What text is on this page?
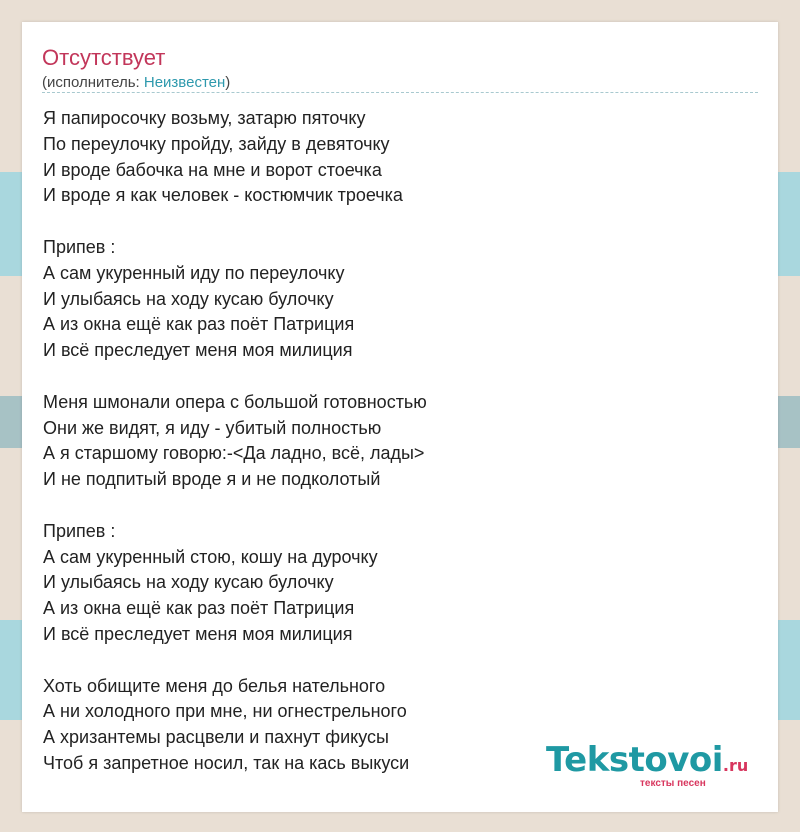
Отсутствует
(исполнитель: Неизвестен)
Я папиросочку возьму, затарю пяточку
По переулочку пройду, зайду в девяточку
И вроде бабочка на мне и ворот стоечка
И вроде я как человек - костюмчик троечка
Припев :
А сам укуренный иду по переулочку
И улыбаясь на ходу кусаю булочку
А из окна ещё как раз поёт Патриция
И всё преследует меня моя милиция
Меня шмонали опера с большой готовностью
Они же видят, я иду - убитый полностью
А я старшому говорю:-<Да ладно, всё, лады>
И не подпитый вроде я и не подколотый
Припев :
А сам укуренный стою, кошу на дурочку
И улыбаясь на ходу кусаю булочку
А из окна ещё как раз поёт Патриция
И всё преследует меня моя милиция
Хоть обищите меня до белья нательного
А ни холодного при мне, ни огнестрельного
А хризантемы расцвели и пахнут фикусы
Чтоб я запретное носил, так на кась выкуси	Tekstovoi.ru
тексты песен
